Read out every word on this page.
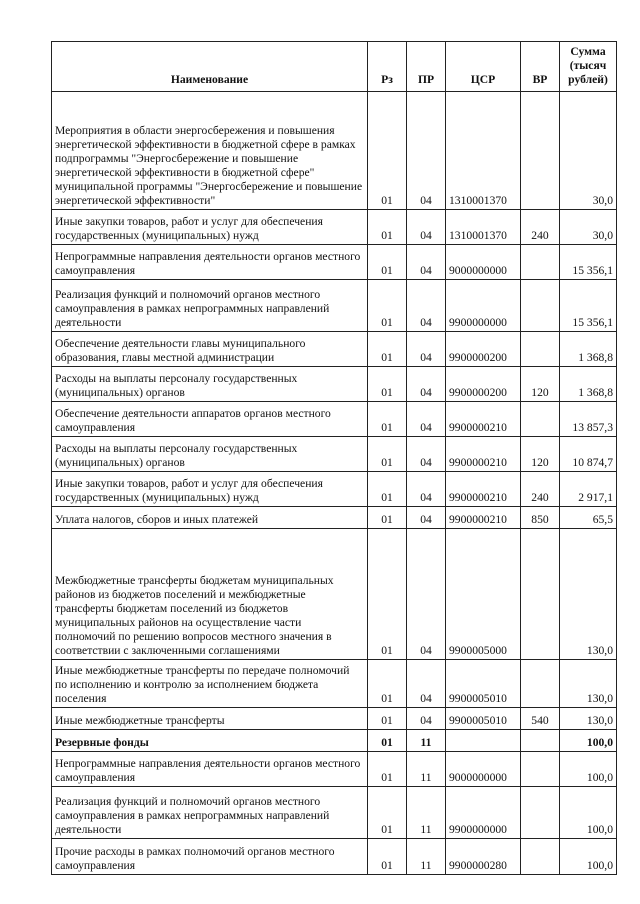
Наименование	Рз	ПР	ЦСР	ВР	Сумма (тысяч рублей)
Мероприятия в области энергосбережения и повышения энергетической эффективности в бюджетной сфере в рамках подпрограммы "Энергосбережение и повышение энергетической эффективности в бюджетной сфере" муниципальной программы "Энергосбережение и повышение энергетической эффективности"	01	04	1310001370		30,0
Иные закупки товаров, работ и услуг для обеспечения государственных (муниципальных) нужд	01	04	1310001370	240	30,0
Непрограммные направления деятельности органов местного самоуправления	01	04	9000000000		15 356,1
Реализация функций и полномочий органов местного самоуправления в рамках непрограммных направлений деятельности	01	04	9900000000		15 356,1
Обеспечение деятельности главы муниципального образования, главы местной администрации	01	04	9900000200		1 368,8
Расходы на выплаты персоналу государственных (муниципальных) органов	01	04	9900000200	120	1 368,8
Обеспечение деятельности аппаратов органов местного самоуправления	01	04	9900000210		13 857,3
Расходы на выплаты персоналу государственных (муниципальных) органов	01	04	9900000210	120	10 874,7
Иные закупки товаров, работ и услуг для обеспечения государственных (муниципальных) нужд	01	04	9900000210	240	2 917,1
Уплата налогов, сборов и иных платежей	01	04	9900000210	850	65,5
Межбюджетные трансферты бюджетам муниципальных районов из бюджетов поселений и межбюджетные трансферты бюджетам поселений из бюджетов муниципальных районов на осуществление части полномочий по решению вопросов местного значения в соответствии с заключенными соглашениями	01	04	9900005000		130,0
Иные межбюджетные трансферты по передаче полномочий по исполнению и контролю за исполнением бюджета поселения	01	04	9900005010		130,0
Иные межбюджетные трансферты	01	04	9900005010	540	130,0
Резервные фонды	01	11			100,0
Непрограммные направления деятельности органов местного самоуправления	01	11	9000000000		100,0
Реализация функций и полномочий органов местного самоуправления в рамках непрограммных направлений деятельности	01	11	9900000000		100,0
Прочие расходы в рамках полномочий органов местного самоуправления	01	11	9900000280		100,0
